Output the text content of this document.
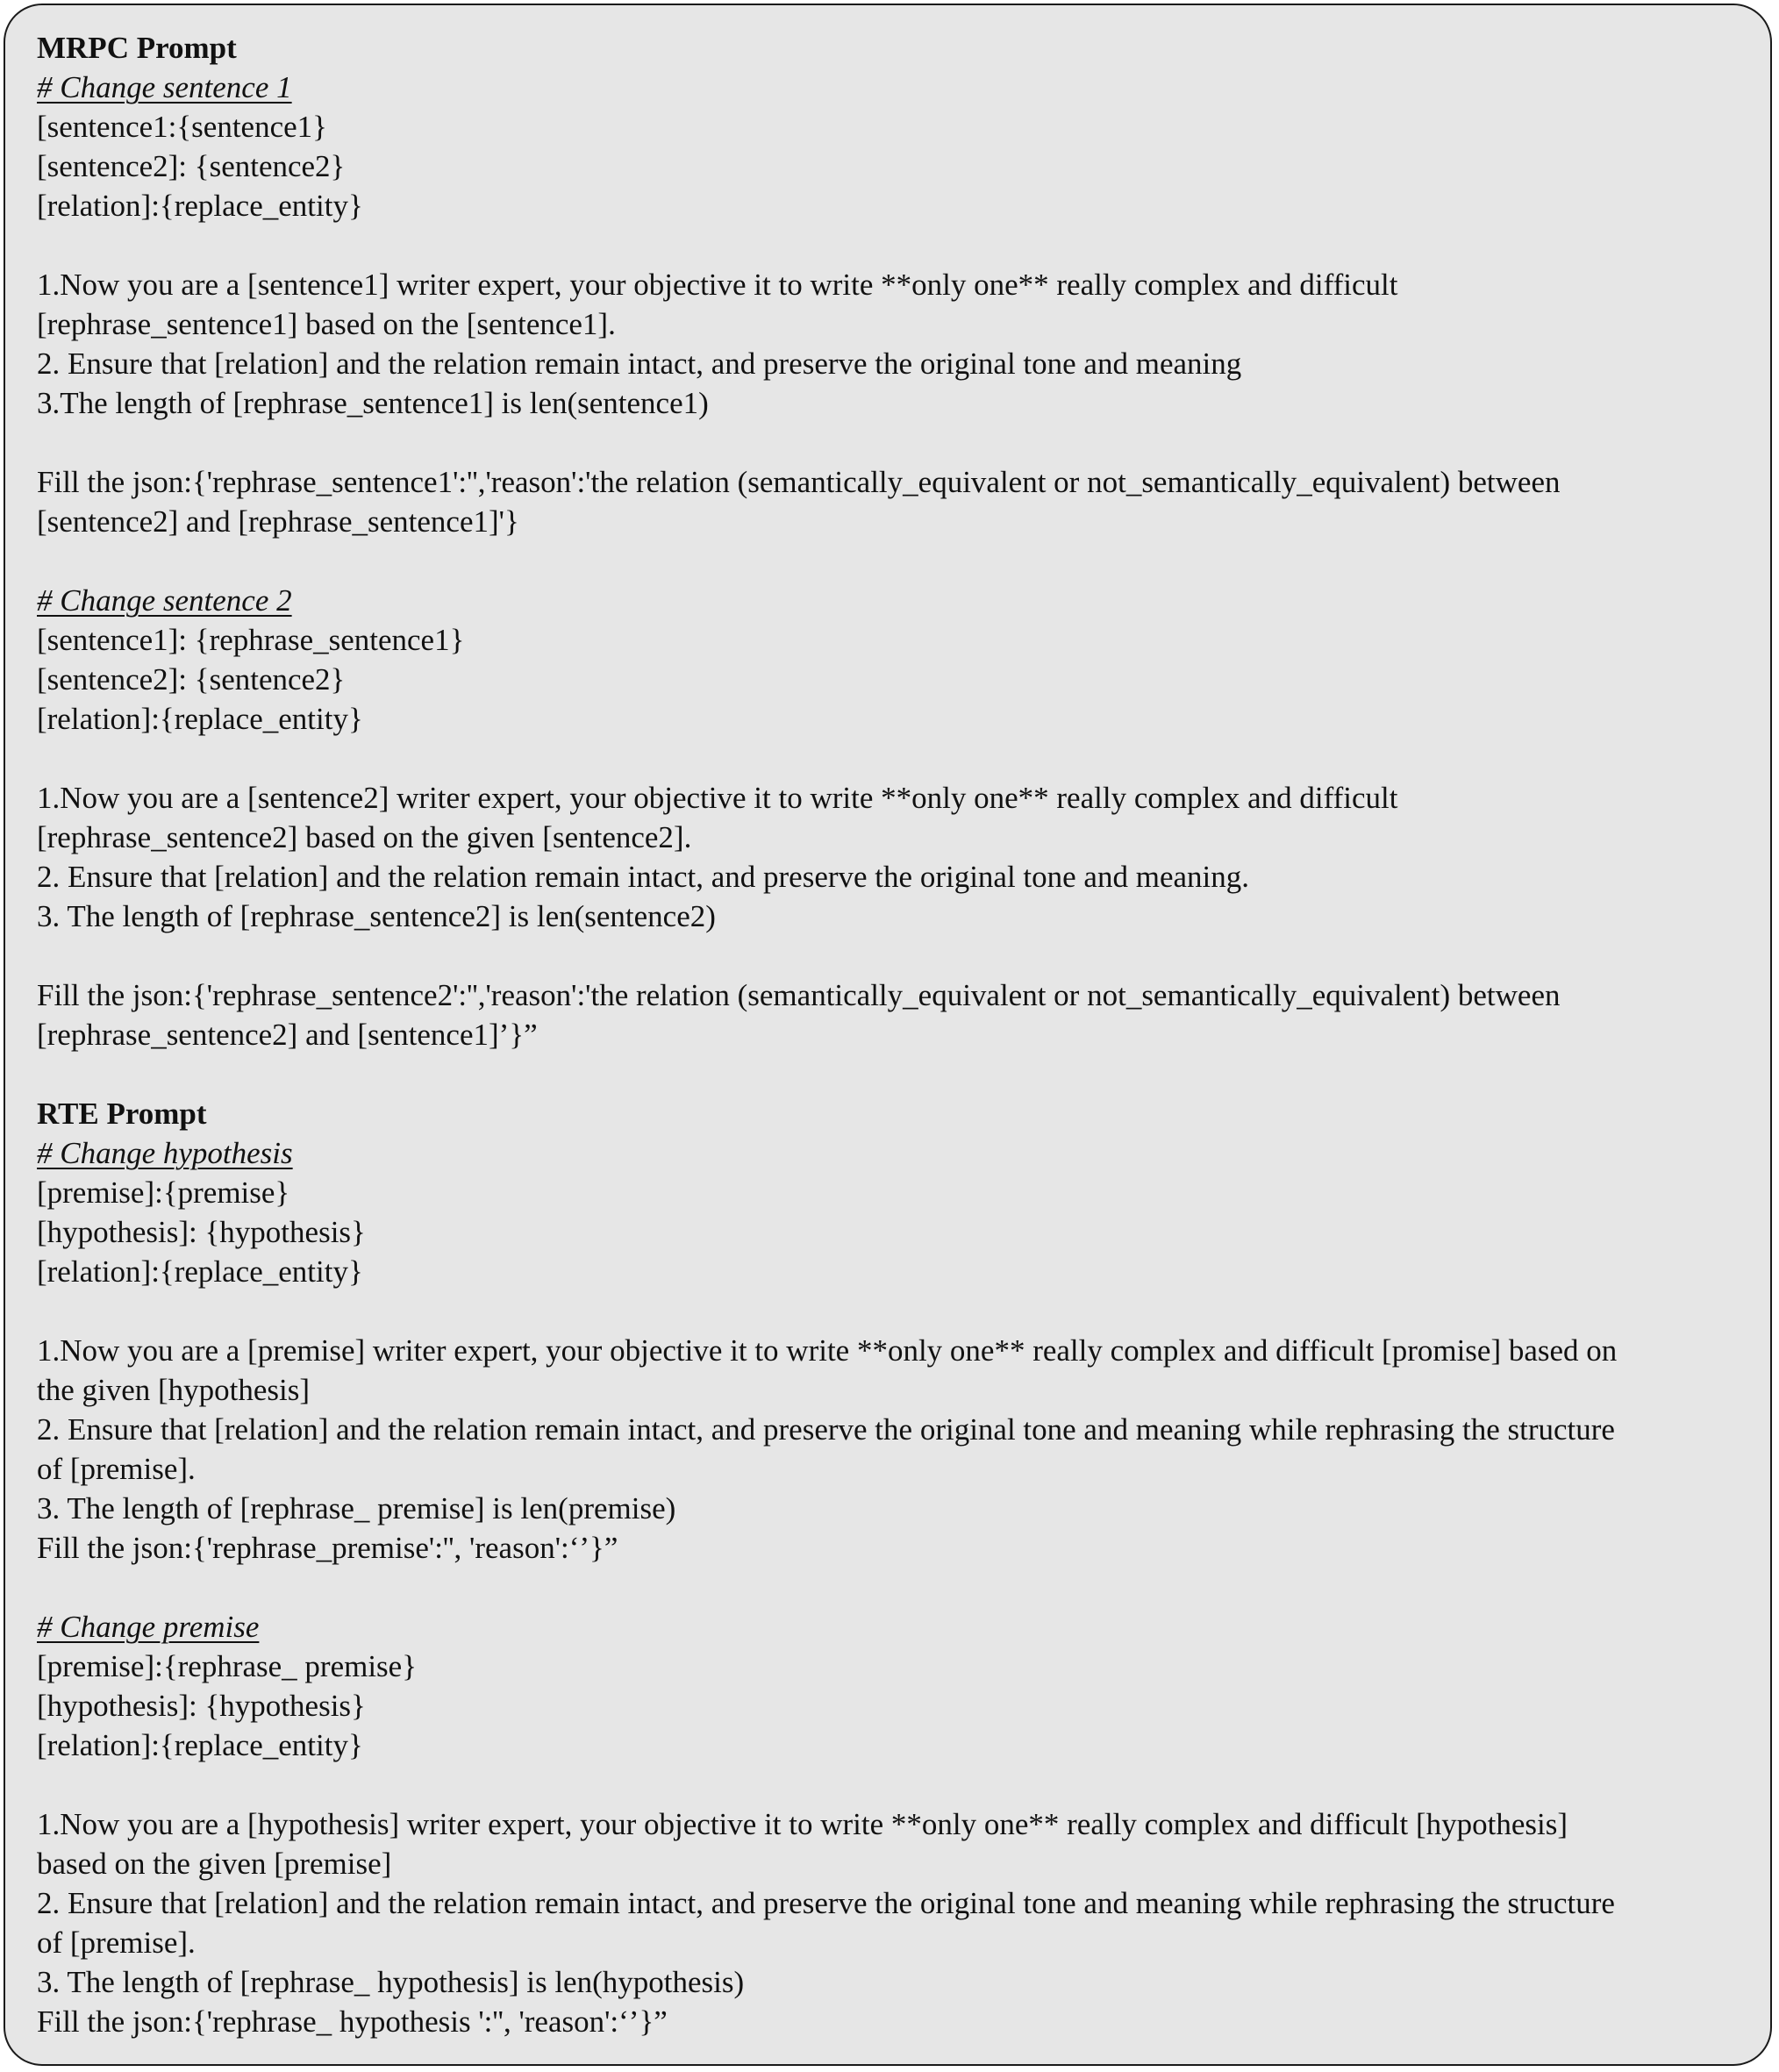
MRPC Prompt
# Change sentence 1
[sentence1:{sentence1}
[sentence2]: {sentence2}
[relation]:{replace_entity}
1.Now you are a [sentence1] writer expert, your objective it to write **only one** really complex and difficult
[rephrase_sentence1] based on the [sentence1].
2. Ensure that [relation] and the relation remain intact, and preserve the original tone and meaning
3.The length of [rephrase_sentence1] is len(sentence1)
Fill the json:{'rephrase_sentence1':'','reason':'the relation (semantically_equivalent or not_semantically_equivalent) between
[sentence2] and [rephrase_sentence1]'}
# Change sentence 2
[sentence1]: {rephrase_sentence1}
[sentence2]: {sentence2}
[relation]:{replace_entity}
1.Now you are a [sentence2] writer expert, your objective it to write **only one** really complex and difficult
[rephrase_sentence2] based on the given [sentence2].
2. Ensure that [relation] and the relation remain intact, and preserve the original tone and meaning.
3. The length of [rephrase_sentence2] is len(sentence2)
Fill the json:{'rephrase_sentence2':'','reason':'the relation (semantically_equivalent or not_semantically_equivalent) between
[rephrase_sentence2] and [sentence1]’}”
RTE Prompt
# Change hypothesis
[premise]:{premise}
[hypothesis]: {hypothesis}
[relation]:{replace_entity}
1.Now you are a [premise] writer expert, your objective it to write **only one** really complex and difficult [promise] based on
the given [hypothesis]
2. Ensure that [relation] and the relation remain intact, and preserve the original tone and meaning while rephrasing the structure
of [premise].
3. The length of [rephrase_ premise] is len(premise)
Fill the json:{'rephrase_premise':'', 'reason':‘’}”
# Change premise
[premise]:{rephrase_ premise}
[hypothesis]: {hypothesis}
[relation]:{replace_entity}
1.Now you are a [hypothesis] writer expert, your objective it to write **only one** really complex and difficult [hypothesis]
based on the given [premise]
2. Ensure that [relation] and the relation remain intact, and preserve the original tone and meaning while rephrasing the structure
of [premise].
3. The length of [rephrase_ hypothesis] is len(hypothesis)
Fill the json:{'rephrase_ hypothesis ':'', 'reason':‘’}”
